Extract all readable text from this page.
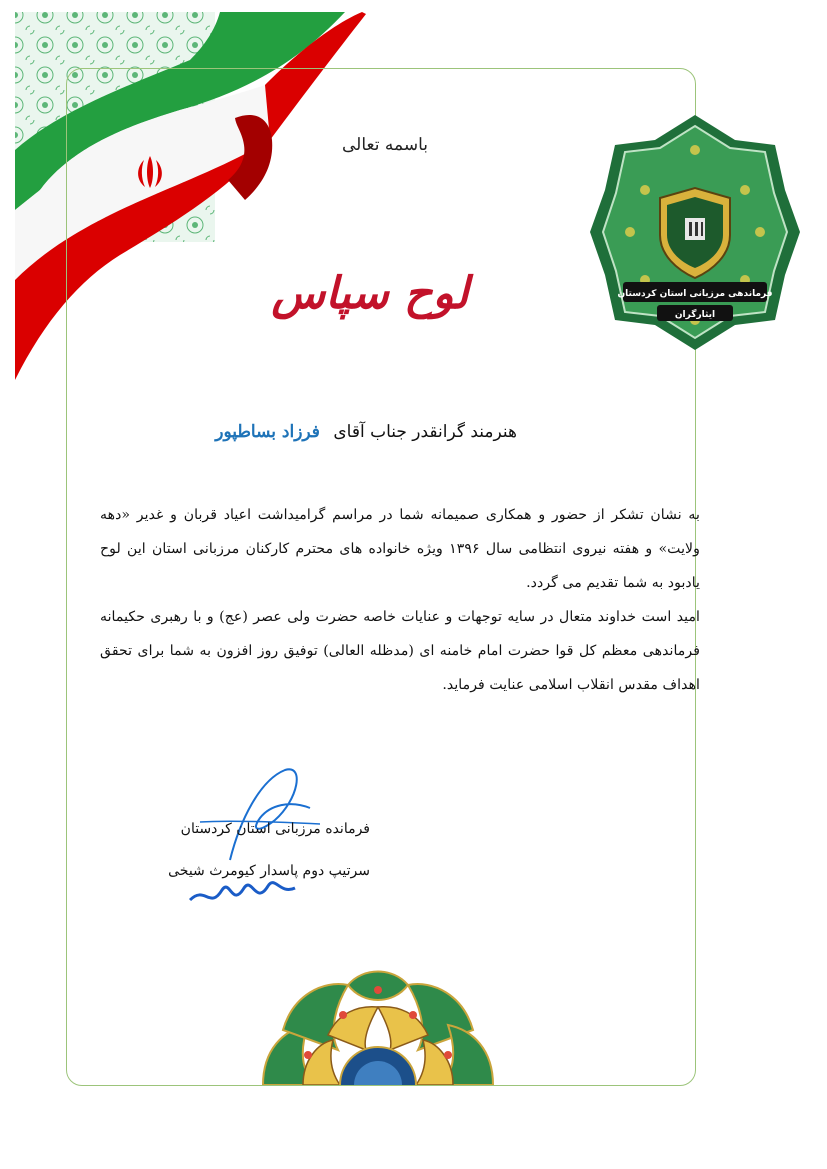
فرماندهی مرزبانی استان کردستان
ایثارگران
باسمه تعالی
لوح سپاس
هنرمند گرانقدر جناب آقای فرزاد بساطپور

به نشان تشکر از حضور و همکاری صمیمانه شما در مراسم گرامیداشت اعیاد قربان و غدیر «دهه ولایت» و هفته نیروی انتظامی سال ۱۳۹۶ ویژه خانواده های محترم کارکنان مرزبانی استان این لوح یادبود به شما تقدیم می گردد.

امید است خداوند متعال در سایه توجهات و عنایات خاصه حضرت ولی عصر (عج) و با رهبری حکیمانه فرماندهی معظم کل قوا حضرت امام خامنه ای (مدظله العالی) توفیق روز افزون به شما برای تحقق اهداف مقدس انقلاب اسلامی عنایت فرماید.

فرمانده مرزبانی استان کردستان
سرتیپ دوم پاسدار کیومرث شیخی
